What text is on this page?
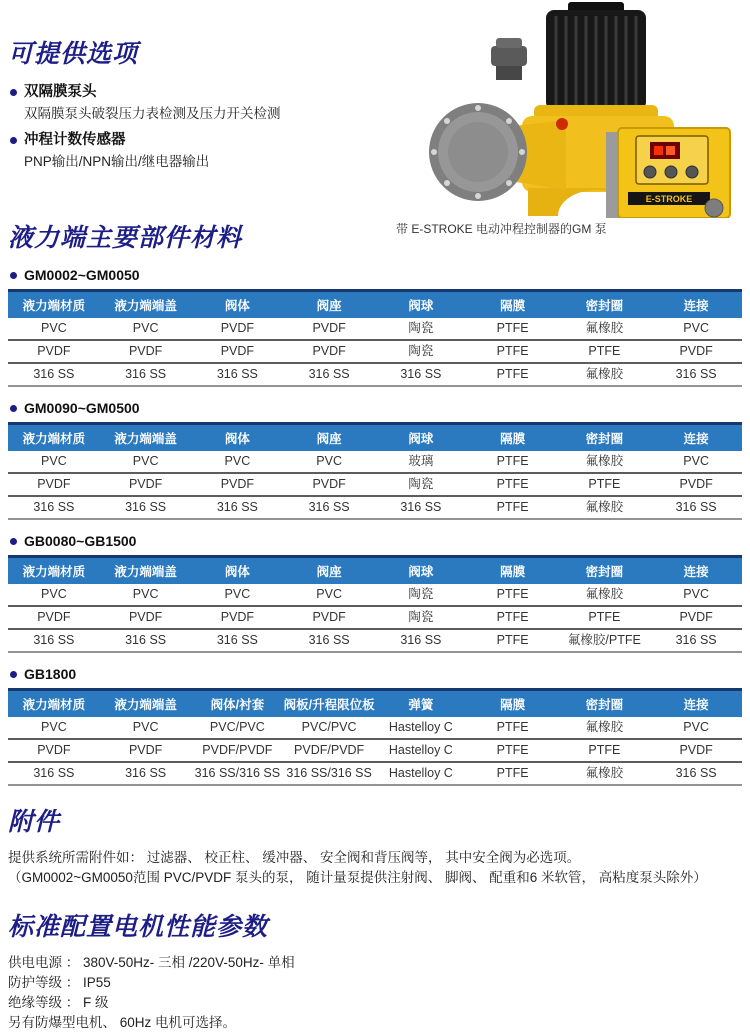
可提供选项
双隔膜泵头
双隔膜泵头破裂压力表检测及压力开关检测
冲程计数传感器
PNP输出/NPN输出/继电器输出
E-STROKE
带 E-STROKE 电动冲程控制器的GM 泵
液力端主要部件材料
GM0002~GM0050
液力端材质	液力端端盖	阀体	阀座	阀球	隔膜	密封圈	连接
PVC	PVC	PVDF	PVDF	陶瓷	PTFE	氟橡胶	PVC
PVDF	PVDF	PVDF	PVDF	陶瓷	PTFE	PTFE	PVDF
316 SS	316 SS	316 SS	316 SS	316 SS	PTFE	氟橡胶	316 SS
GM0090~GM0500
液力端材质	液力端端盖	阀体	阀座	阀球	隔膜	密封圈	连接
PVC	PVC	PVC	PVC	玻璃	PTFE	氟橡胶	PVC
PVDF	PVDF	PVDF	PVDF	陶瓷	PTFE	PTFE	PVDF
316 SS	316 SS	316 SS	316 SS	316 SS	PTFE	氟橡胶	316 SS
GB0080~GB1500
液力端材质	液力端端盖	阀体	阀座	阀球	隔膜	密封圈	连接
PVC	PVC	PVC	PVC	陶瓷	PTFE	氟橡胶	PVC
PVDF	PVDF	PVDF	PVDF	陶瓷	PTFE	PTFE	PVDF
316 SS	316 SS	316 SS	316 SS	316 SS	PTFE	氟橡胶/PTFE	316 SS
GB1800
液力端材质	液力端端盖	阀体/衬套	阀板/升程限位板	弹簧	隔膜	密封圈	连接
PVC	PVC	PVC/PVC	PVC/PVC	Hastelloy C	PTFE	氟橡胶	PVC
PVDF	PVDF	PVDF/PVDF	PVDF/PVDF	Hastelloy C	PTFE	PTFE	PVDF
316 SS	316 SS	316 SS/316 SS	316 SS/316 SS	Hastelloy C	PTFE	氟橡胶	316 SS
附件
提供系统所需附件如： 过滤器、 校正柱、 缓冲器、 安全阀和背压阀等， 其中安全阀为必选项。
（GM0002~GM0050范围 PVC/PVDF 泵头的泵， 随计量泵提供注射阀、 脚阀、 配重和6 米软管， 高粘度泵头除外）
标准配置电机性能参数
供电电源 ： 380V-50Hz- 三相 /220V-50Hz- 单相
防护等级 ： IP55
绝缘等级 ： F 级
另有防爆型电机、 60Hz 电机可选择。
